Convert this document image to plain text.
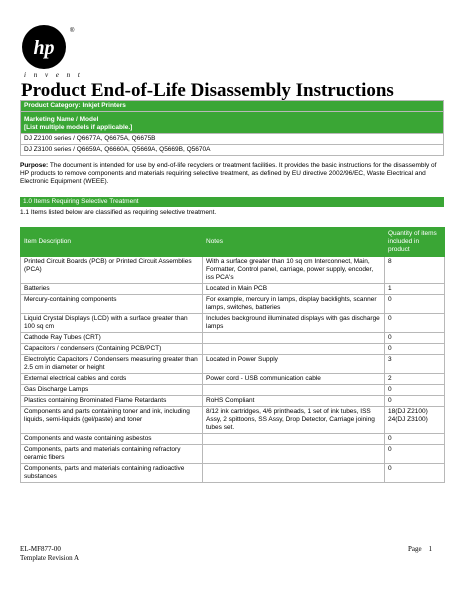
hp
®
i n v e n t
Product End-of-Life Disassembly Instructions
Product Category: Inkjet Printers

Marketing Name / Model
[List multiple models if applicable.]

DJ Z2100 series / Q6677A, Q6675A, Q6675B
DJ Z3100 series / Q6659A, Q6660A, Q5669A, Q5669B, Q5670A

Purpose: The document is intended for use by end-of-life recyclers or treatment facilities. It provides the basic instructions for the disassembly of HP products to remove components and materials requiring selective treatment, as defined by EU directive 2002/96/EC, Waste Electrical and Electronic Equipment (WEEE).

1.0 Items Requiring Selective Treatment

1.1 Items listed below are classified as requiring selective treatment.

Item Description	Notes	Quantity of items included in product
Printed Circuit Boards (PCB) or Printed Circuit Assemblies (PCA)	With a surface greater than 10 sq cm Interconnect, Main, Formatter, Control panel, carriage, power supply, encoder, iss PCA's	8
Batteries	Located in Main PCB	1
Mercury-containing components	For example, mercury in lamps, display backlights, scanner lamps, switches, batteries	0
Liquid Crystal Displays (LCD) with a surface greater than 100 sq cm	Includes background illuminated displays with gas discharge lamps	0
Cathode Ray Tubes (CRT)		0
Capacitors / condensers (Containing PCB/PCT)		0
Electrolytic Capacitors / Condensers measuring greater than 2.5 cm in diameter or height	Located in Power Supply	3
External electrical cables and cords	Power cord - USB communication cable	2
Gas Discharge Lamps		0
Plastics containing Brominated Flame Retardants	RoHS Compliant	0
Components and parts containing toner and ink, including liquids, semi-liquids (gel/paste) and toner	8/12 ink cartridges, 4/6 printheads, 1 set of ink tubes, ISS Assy, 2 spittoons, SS Assy, Drop Detector, Carriage joining tubes set.	18(DJ Z2100)
24(DJ Z3100)
Components and waste containing asbestos		0
Components, parts and materials containing refractory ceramic fibers		0
Components, parts and materials containing radioactive substances		0
EL-MF877-00
Template Revision A
Page 1
